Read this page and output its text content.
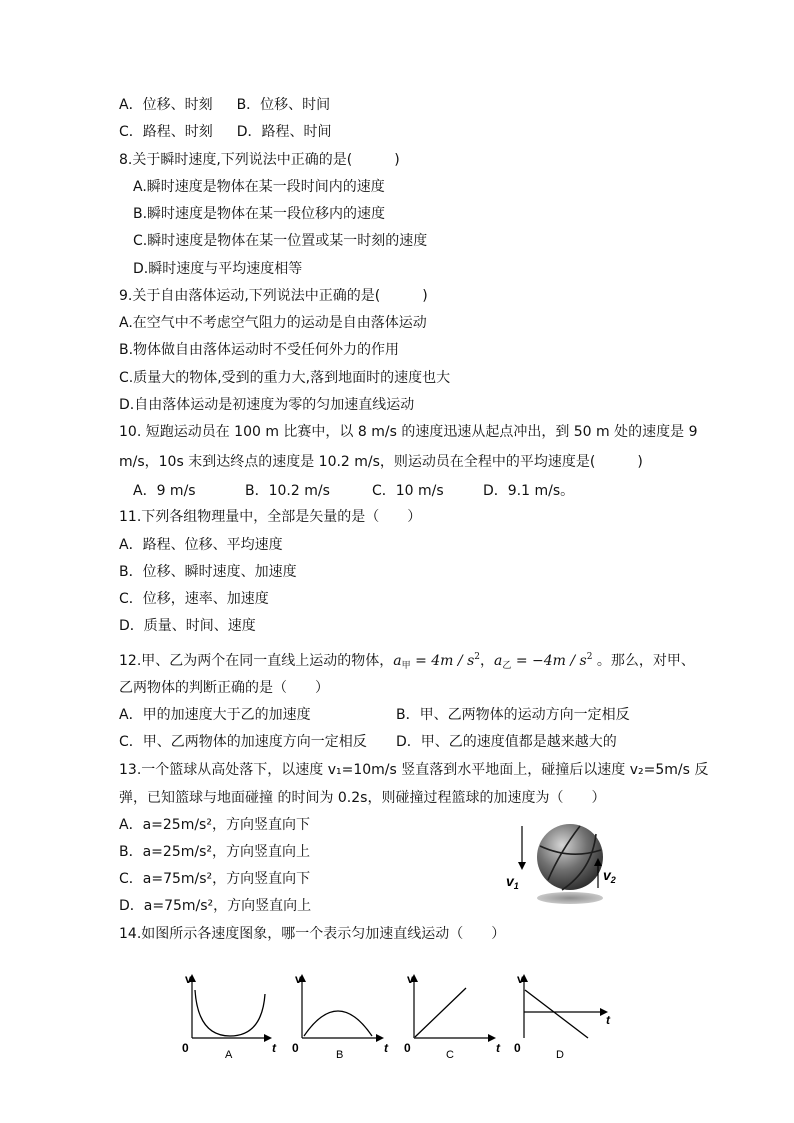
A．位移、时刻 B．位移、时间
C．路程、时刻 D．路程、时间
8.关于瞬时速度,下列说法中正确的是(　　　)
A.瞬时速度是物体在某一段时间内的速度
B.瞬时速度是物体在某一段位移内的速度
C.瞬时速度是物体在某一位置或某一时刻的速度
D.瞬时速度与平均速度相等
9.关于自由落体运动,下列说法中正确的是(　　　)
A.在空气中不考虑空气阻力的运动是自由落体运动
B.物体做自由落体运动时不受任何外力的作用
C.质量大的物体,受到的重力大,落到地面时的速度也大
D.自由落体运动是初速度为零的匀加速直线运动
10. 短跑运动员在 100 m 比赛中，以 8 m/s 的速度迅速从起点冲出，到 50 m 处的速度是 9
m/s，10s 末到达终点的速度是 10.2 m/s，则运动员在全程中的平均速度是(　　　)
A．9 m/s	B．10.2 m/s	C．10 m/s	D．9.1 m/s。
11.下列各组物理量中，全部是矢量的是（　　）
A．路程、位移、平均速度
B．位移、瞬时速度、加速度
C．位移，速率、加速度
D．质量、时间、速度
12.甲、乙为两个在同一直线上运动的物体，$a_甲 = 4m / s^2$，$a_乙 = -4m / s^2$ 。那么，对甲、
乙两物体的判断正确的是（　　）
A．甲的加速度大于乙的加速度	B．甲、乙两物体的运动方向一定相反
C．甲、乙两物体的加速度方向一定相反 D．甲、乙的速度值都是越来越大的
13.一个篮球从高处落下，以速度 v₁=10m/s 竖直落到水平地面上，碰撞后以速度 v₂=5m/s 反
弹，已知篮球与地面碰撞 的时间为 0.2s，则碰撞过程篮球的加速度为（　　）
A．a=25m/s²，方向竖直向下
B．a=25m/s²，方向竖直向上
C．a=75m/s²，方向竖直向下
D．a=75m/s²，方向竖直向上
$v_1$
$v_2$
14.如图所示各速度图象，哪一个表示匀加速直线运动（　　）
v
t
0	A
v
t
0	B
v
t
0	C
v
t
0	D
